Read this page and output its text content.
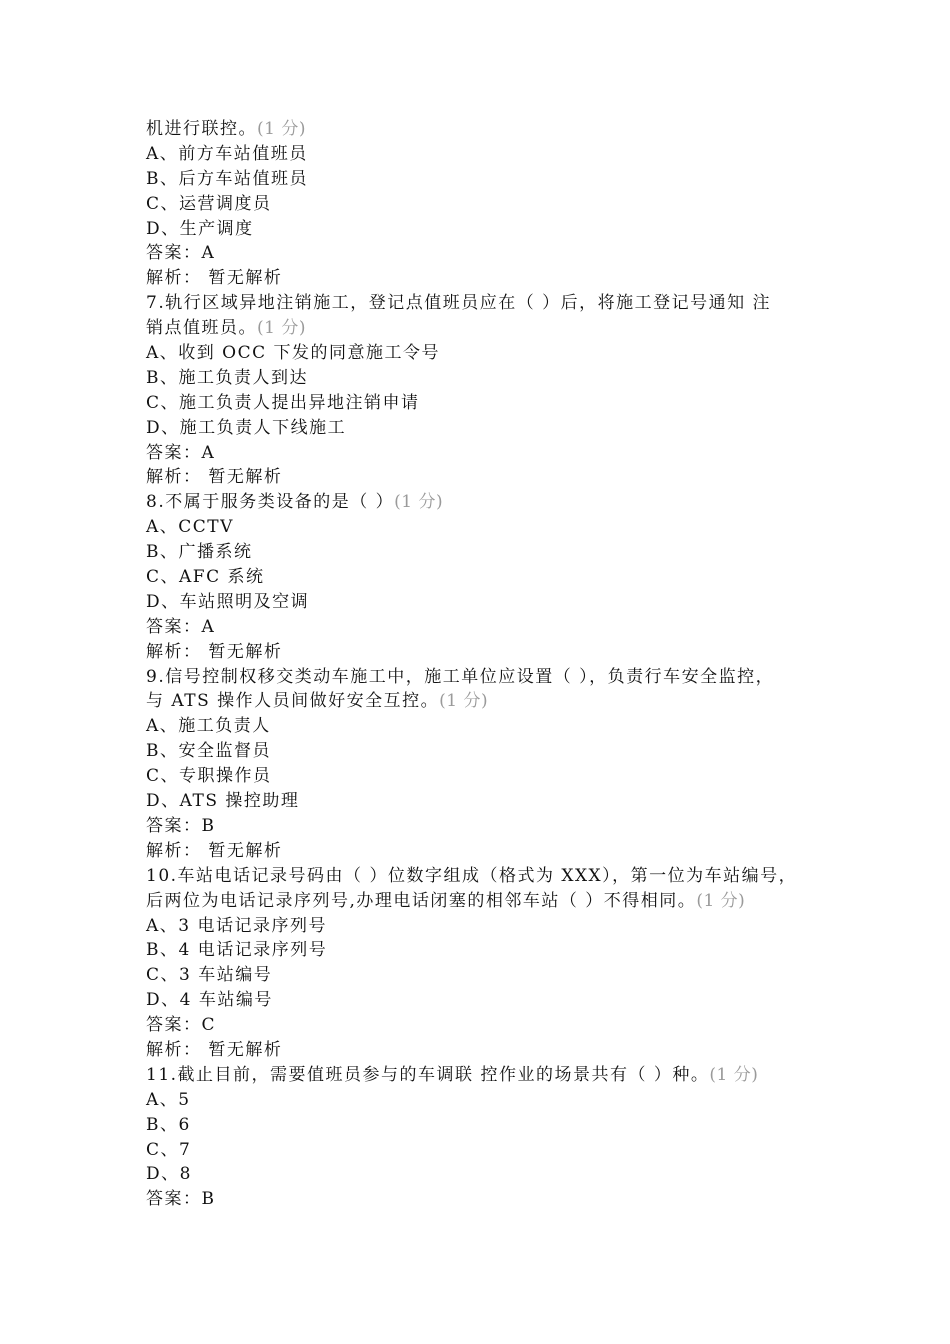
机进行联控。(1 分)
A、前方车站值班员
B、后方车站值班员
C、运营调度员
D、生产调度
答案：A
解析： 暂无解析
7.轨行区域异地注销施工，登记点值班员应在（ ）后，将施工登记号通知 注
销点值班员。(1 分)
A、收到 OCC 下发的同意施工令号
B、施工负责人到达
C、施工负责人提出异地注销申请
D、施工负责人下线施工
答案：A
解析： 暂无解析
8.不属于服务类设备的是（ ）(1 分)
A、CCTV
B、广播系统
C、AFC 系统
D、车站照明及空调
答案：A
解析： 暂无解析
9.信号控制权移交类动车施工中，施工单位应设置（ ），负责行车安全监控，
与 ATS 操作人员间做好安全互控。(1 分)
A、施工负责人
B、安全监督员
C、专职操作员
D、ATS 操控助理
答案：B
解析： 暂无解析
10.车站电话记录号码由（ ）位数字组成（格式为 XXX），第一位为车站编号，
后两位为电话记录序列号,办理电话闭塞的相邻车站（ ）不得相同。(1 分)
A、3 电话记录序列号
B、4 电话记录序列号
C、3 车站编号
D、4 车站编号
答案：C
解析： 暂无解析
11.截止目前，需要值班员参与的车调联 控作业的场景共有（ ）种。(1 分)
A、5
B、6
C、7
D、8
答案：B
